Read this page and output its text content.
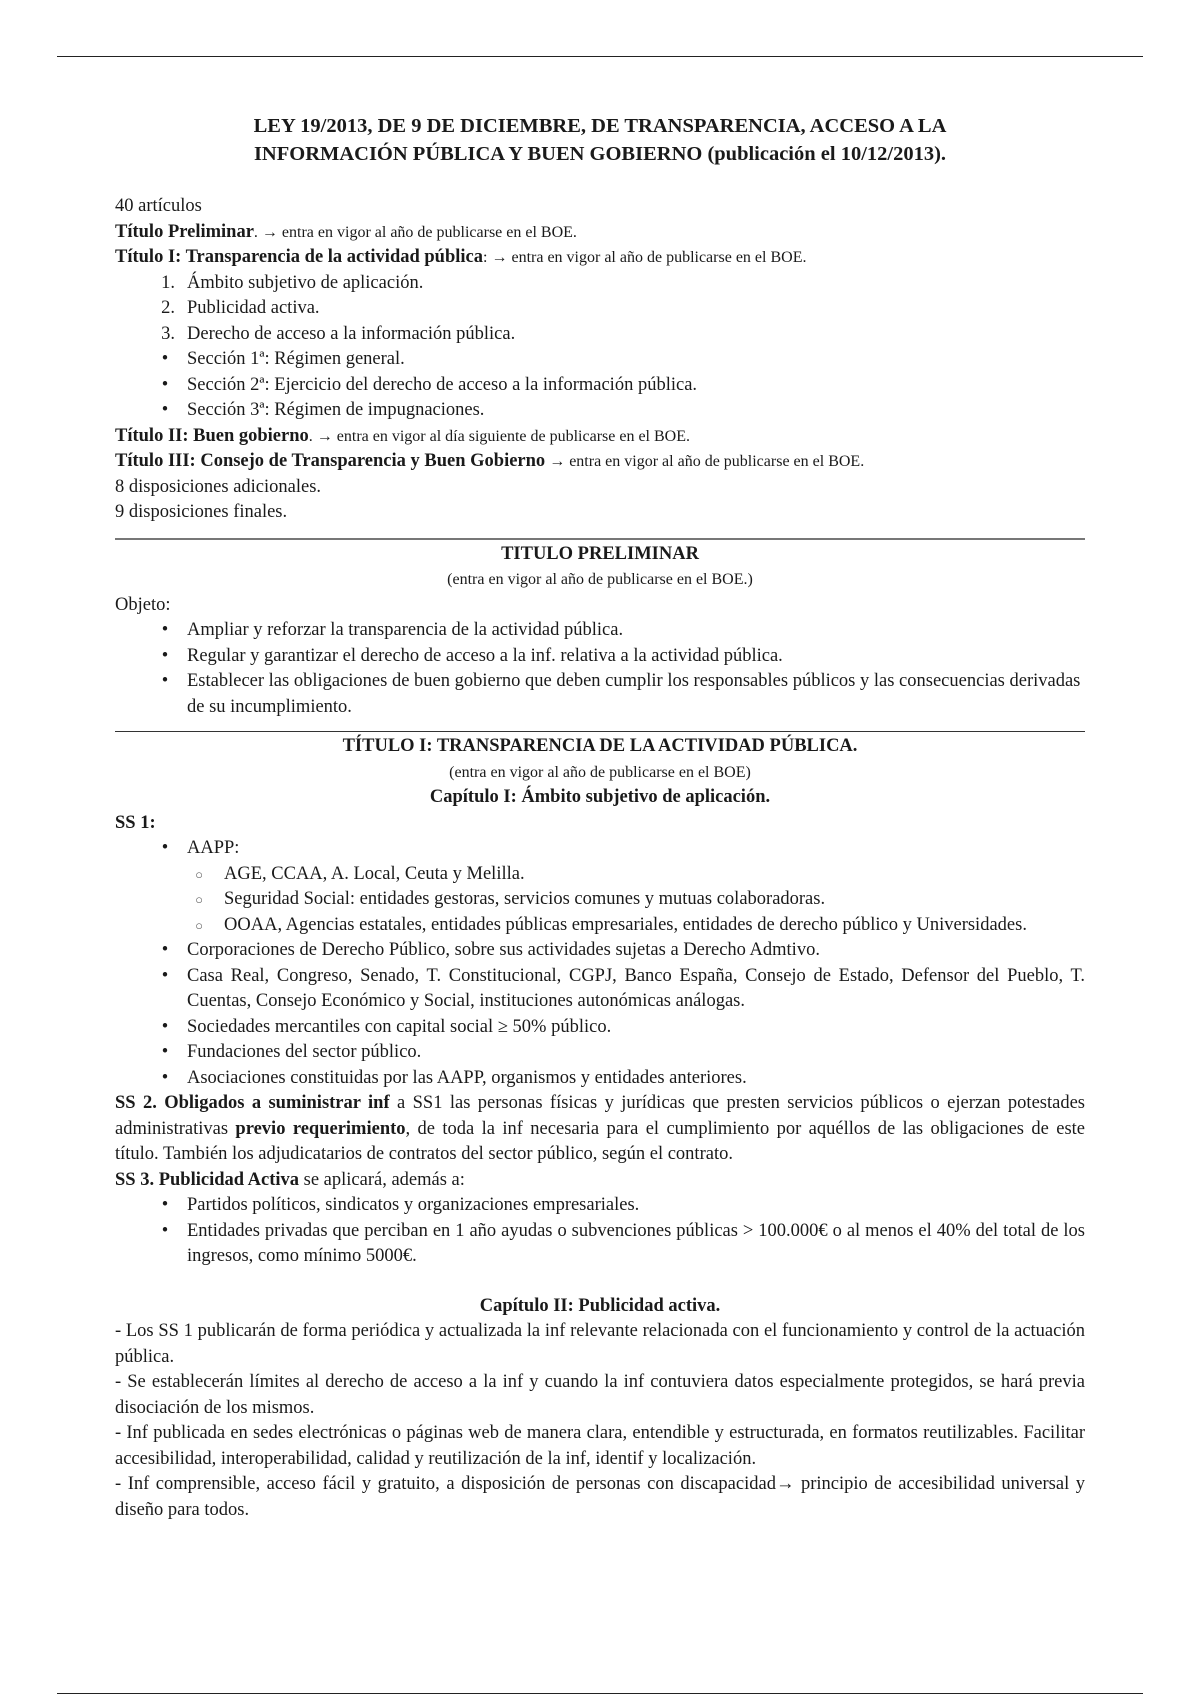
LEY 19/2013, DE 9 DE DICIEMBRE, DE TRANSPARENCIA, ACCESO A LA
INFORMACIÓN PÚBLICA Y BUEN GOBIERNO (publicación el 10/12/2013).

40 artículos

Título Preliminar. → entra en vigor al año de publicarse en el BOE.

Título I: Transparencia de la actividad pública: → entra en vigor al año de publicarse en el BOE.

1. Ámbito subjetivo de aplicación.
2. Publicidad activa.
3. Derecho de acceso a la información pública.
•	Sección 1ª: Régimen general.
•	Sección 2ª: Ejercicio del derecho de acceso a la información pública.
•	Sección 3ª: Régimen de impugnaciones.

Título II: Buen gobierno. → entra en vigor al día siguiente de publicarse en el BOE.

Título III: Consejo de Transparencia y Buen Gobierno → entra en vigor al año de publicarse en el BOE.

8 disposiciones adicionales.

9 disposiciones finales.

TITULO PRELIMINAR

(entra en vigor al año de publicarse en el BOE.)

Objeto:

•	Ampliar y reforzar la transparencia de la actividad pública.
•	Regular y garantizar el derecho de acceso a la inf. relativa a la actividad pública.
•	Establecer las obligaciones de buen gobierno que deben cumplir los responsables públicos y las consecuencias derivadas de su incumplimiento.

TÍTULO I: TRANSPARENCIA DE LA ACTIVIDAD PÚBLICA.

(entra en vigor al año de publicarse en el BOE)

Capítulo I: Ámbito subjetivo de aplicación.

SS 1:

•	AAPP:
○	AGE, CCAA, A. Local, Ceuta y Melilla.
○	Seguridad Social: entidades gestoras, servicios comunes y mutuas colaboradoras.
○	OOAA, Agencias estatales, entidades públicas empresariales, entidades de derecho público y Universidades.
•	Corporaciones de Derecho Público, sobre sus actividades sujetas a Derecho Admtivo.
•	Casa Real, Congreso, Senado, T. Constitucional, CGPJ, Banco España, Consejo de Estado, Defensor del Pueblo, T. Cuentas, Consejo Económico y Social, instituciones autonómicas análogas.
•	Sociedades mercantiles con capital social ≥ 50% público.
•	Fundaciones del sector público.
•	Asociaciones constituidas por las AAPP, organismos y entidades anteriores.

SS 2. Obligados a suministrar inf a SS1 las personas físicas y jurídicas que presten servicios públicos o ejerzan potestades administrativas previo requerimiento, de toda la inf necesaria para el cumplimiento por aquéllos de las obligaciones de este título. También los adjudicatarios de contratos del sector público, según el contrato.

SS 3. Publicidad Activa se aplicará, además a:

•	Partidos políticos, sindicatos y organizaciones empresariales.
•	Entidades privadas que perciban en 1 año ayudas o subvenciones públicas > 100.000€ o al menos el 40% del total de los ingresos, como mínimo 5000€.

Capítulo II: Publicidad activa.

- Los SS 1 publicarán de forma periódica y actualizada la inf relevante relacionada con el funcionamiento y control de la actuación pública.

- Se establecerán límites al derecho de acceso a la inf y cuando la inf contuviera datos especialmente protegidos, se hará previa disociación de los mismos.

- Inf publicada en sedes electrónicas o páginas web de manera clara, entendible y estructurada, en formatos reutilizables. Facilitar accesibilidad, interoperabilidad, calidad y reutilización de la inf, identif y localización.

- Inf comprensible, acceso fácil y gratuito, a disposición de personas con discapacidad→ principio de accesibilidad universal y diseño para todos.
